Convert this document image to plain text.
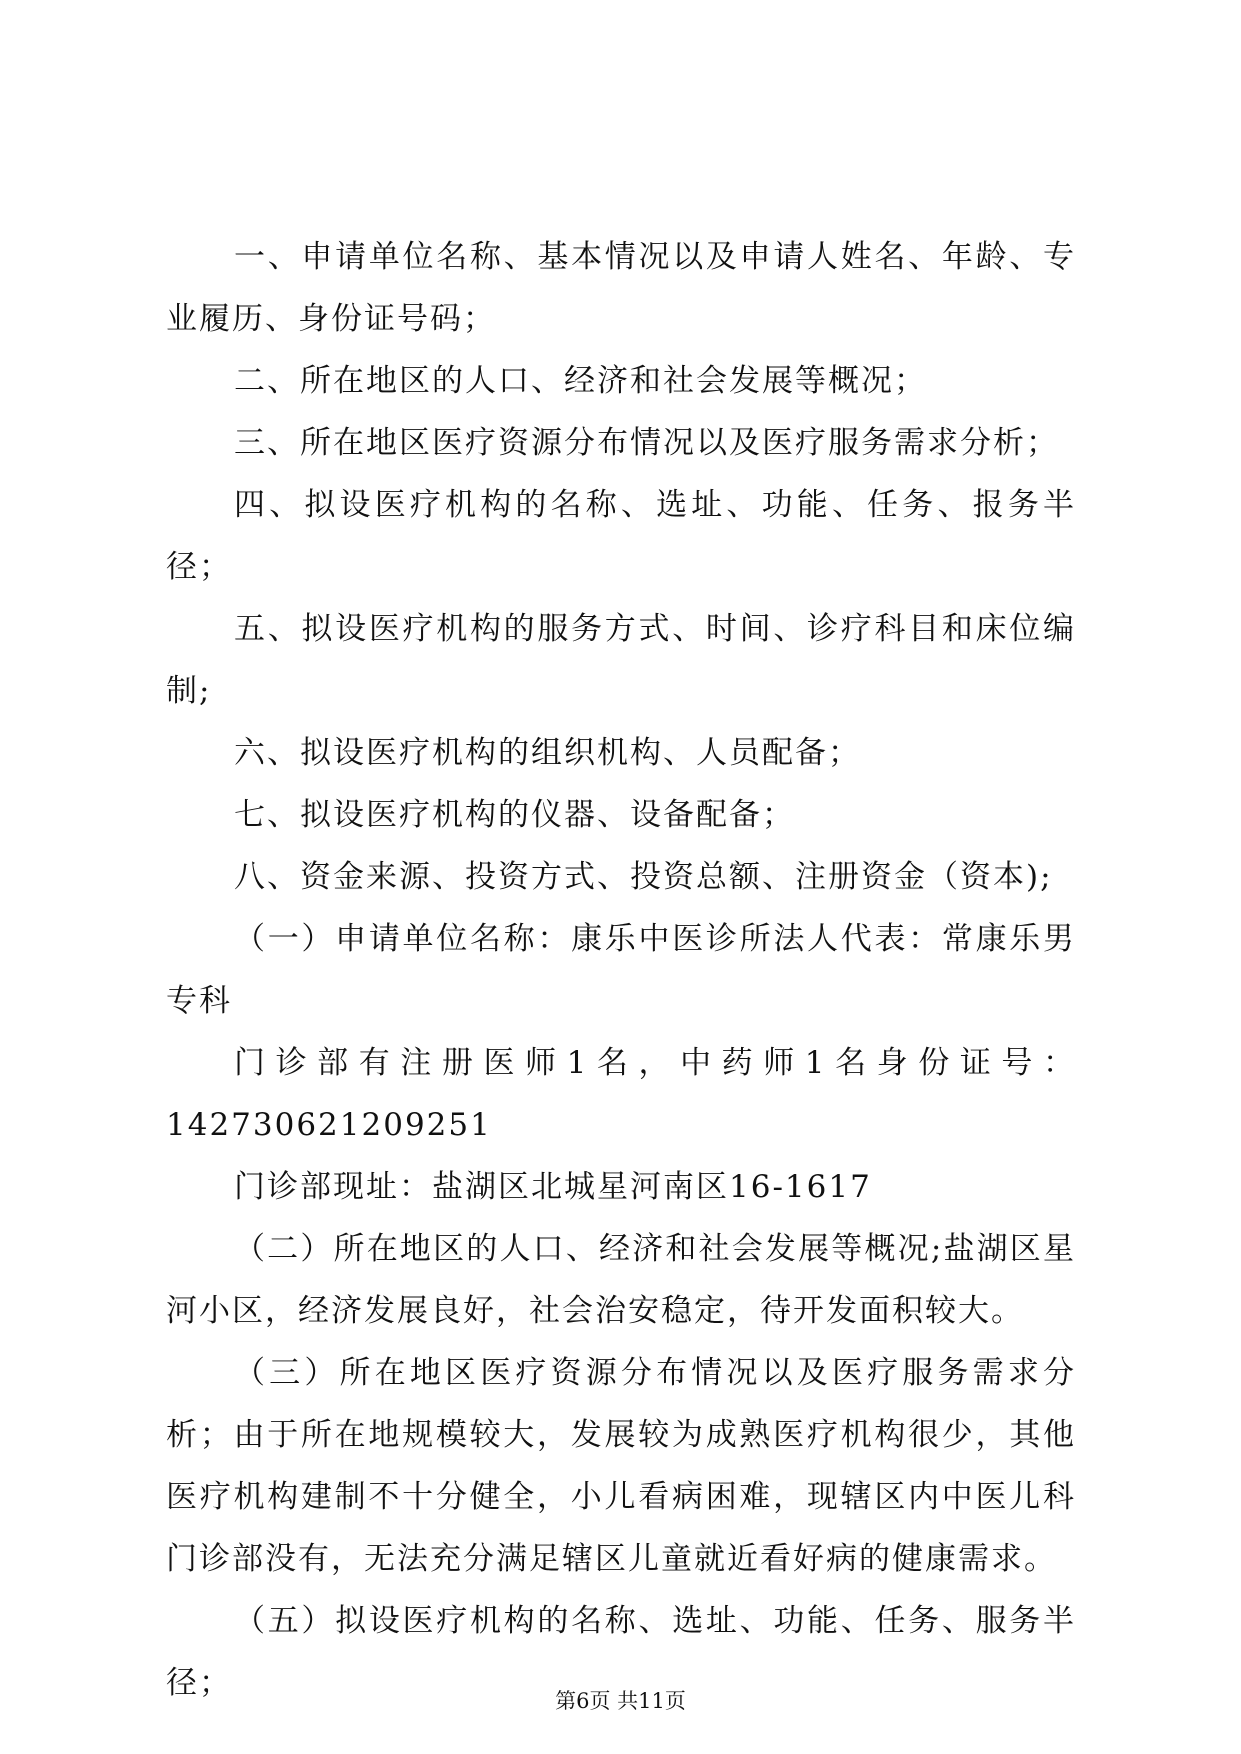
一、申请单位名称、基本情况以及申请人姓名、年龄、专业履历、身份证号码；

二、所在地区的人口、经济和社会发展等概况；

三、所在地区医疗资源分布情况以及医疗服务需求分析；

四、拟设医疗机构的名称、选址、功能、任务、报务半径；

五、拟设医疗机构的服务方式、时间、诊疗科目和床位编制;

六、拟设医疗机构的组织机构、人员配备；

七、拟设医疗机构的仪器、设备配备；

八、资金来源、投资方式、投资总额、注册资金（资本);

（一）申请单位名称：康乐中医诊所法人代表：常康乐男专科

门诊部有注册医师1名，中药师1名身份证号：142730621209251

门诊部现址：盐湖区北城星河南区16-1617

（二）所在地区的人口、经济和社会发展等概况;盐湖区星河小区，经济发展良好，社会治安稳定，待开发面积较大。

（三）所在地区医疗资源分布情况以及医疗服务需求分析；由于所在地规模较大，发展较为成熟医疗机构很少，其他医疗机构建制不十分健全，小儿看病困难，现辖区内中医儿科门诊部没有，无法充分满足辖区儿童就近看好病的健康需求。

（五）拟设医疗机构的名称、选址、功能、任务、服务半径；	第6页 共11页
